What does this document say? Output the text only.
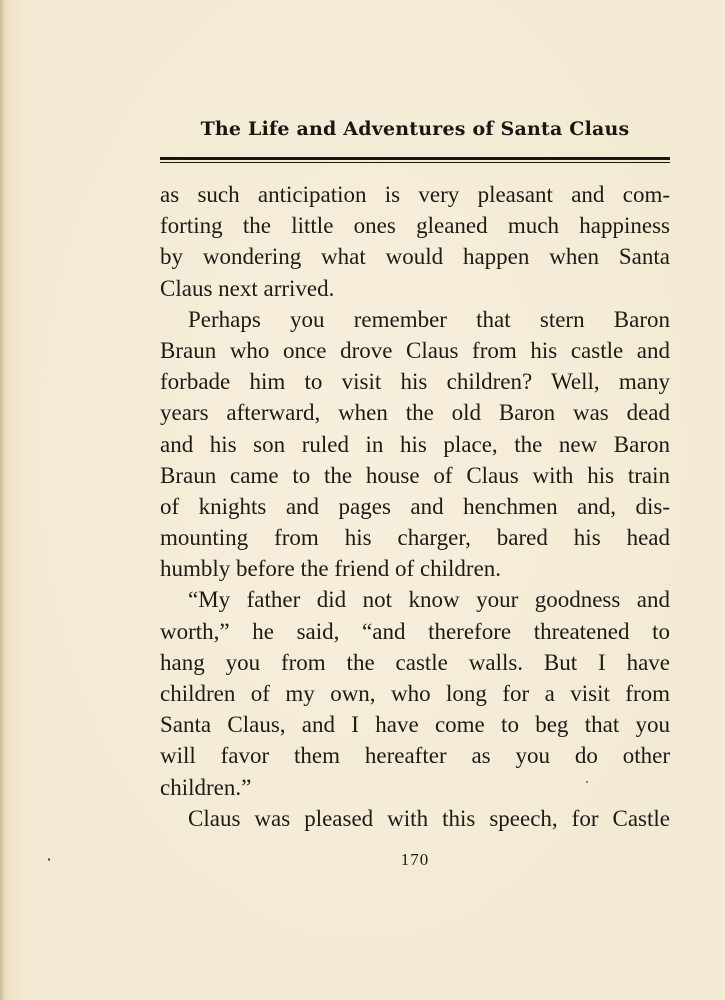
The Life and Adventures of Santa Claus
as such anticipation is very pleasant and com-
forting the little ones gleaned much happiness
by wondering what would happen when Santa
Claus next arrived.
Perhaps you remember that stern Baron
Braun who once drove Claus from his castle and
forbade him to visit his children? Well, many
years afterward, when the old Baron was dead
and his son ruled in his place, the new Baron
Braun came to the house of Claus with his train
of knights and pages and henchmen and, dis-
mounting from his charger, bared his head
humbly before the friend of children.
“My father did not know your goodness and
worth,” he said, “and therefore threatened to
hang you from the castle walls. But I have
children of my own, who long for a visit from
Santa Claus, and I have come to beg that you
will favor them hereafter as you do other
children.”
Claus was pleased with this speech, for Castle
170
